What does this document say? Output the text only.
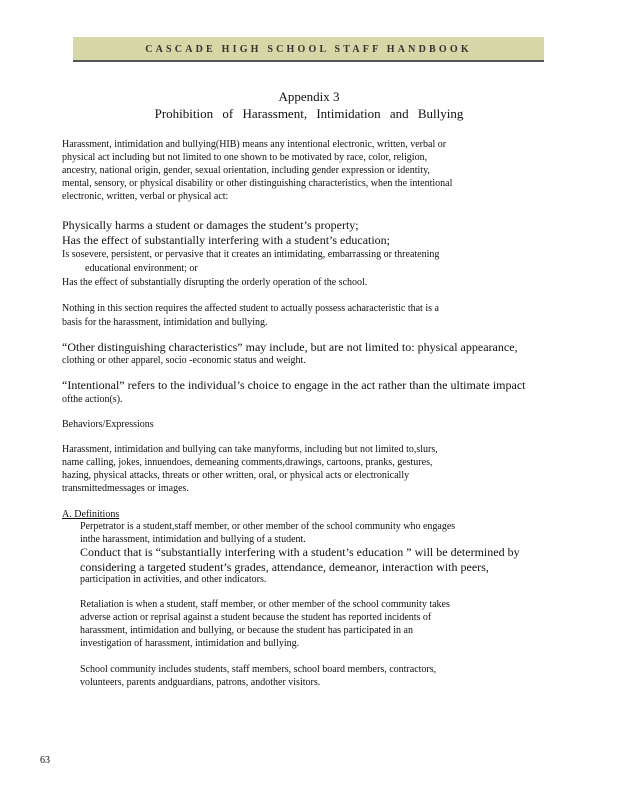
CASCADE HIGH SCHOOL STAFF HANDBOOK
Appendix 3
Prohibition of Harassment, Intimidation and Bullying
Harassment, intimidation and bullying(HIB) means any intentional electronic, written, verbal or
physical act including but not limited to one shown to be motivated by race, color, religion,
ancestry, national origin, gender, sexual orientation, including gender expression or identity,
mental, sensory, or physical disability or other distinguishing characteristics, when the intentional
electronic, written, verbal or physical act:
Physically harms a student or damages the student’s property;
Has the effect of substantially interfering with a student’s education;
Is sosevere, persistent, or pervasive that it creates an intimidating, embarrassing or threatening
educational environment; or
Has the effect of substantially disrupting the orderly operation of the school.
Nothing in this section requires the affected student to actually possess acharacteristic that is a
basis for the harassment, intimidation and bullying.
“Other distinguishing characteristics” may include, but are not limited to: physical appearance,
clothing or other apparel, socio -economic status and weight.
“Intentional” refers to the individual’s choice to engage in the act rather than the ultimate impact
ofthe action(s).
Behaviors/Expressions
Harassment, intimidation and bullying can take manyforms, including but not limited to,slurs,
name calling, jokes, innuendoes, demeaning comments,drawings, cartoons, pranks, gestures,
hazing, physical attacks, threats or other written, oral, or physical acts or electronically
transmittedmessages or images.
A. Definitions
Perpetrator is a student,staff member, or other member of the school community who engages
inthe harassment, intimidation and bullying of a student.
Conduct that is “substantially interfering with a student’s education ” will be determined by
considering a targeted student’s grades, attendance, demeanor, interaction with peers,
participation in activities, and other indicators.
Retaliation is when a student, staff member, or other member of the school community takes
adverse action or reprisal against a student because the student has reported incidents of
harassment, intimidation and bullying, or because the student has participated in an
investigation of harassment, intimidation and bullying.
School community includes students, staff members, school board members, contractors,
volunteers, parents andguardians, patrons, andother visitors.
63
